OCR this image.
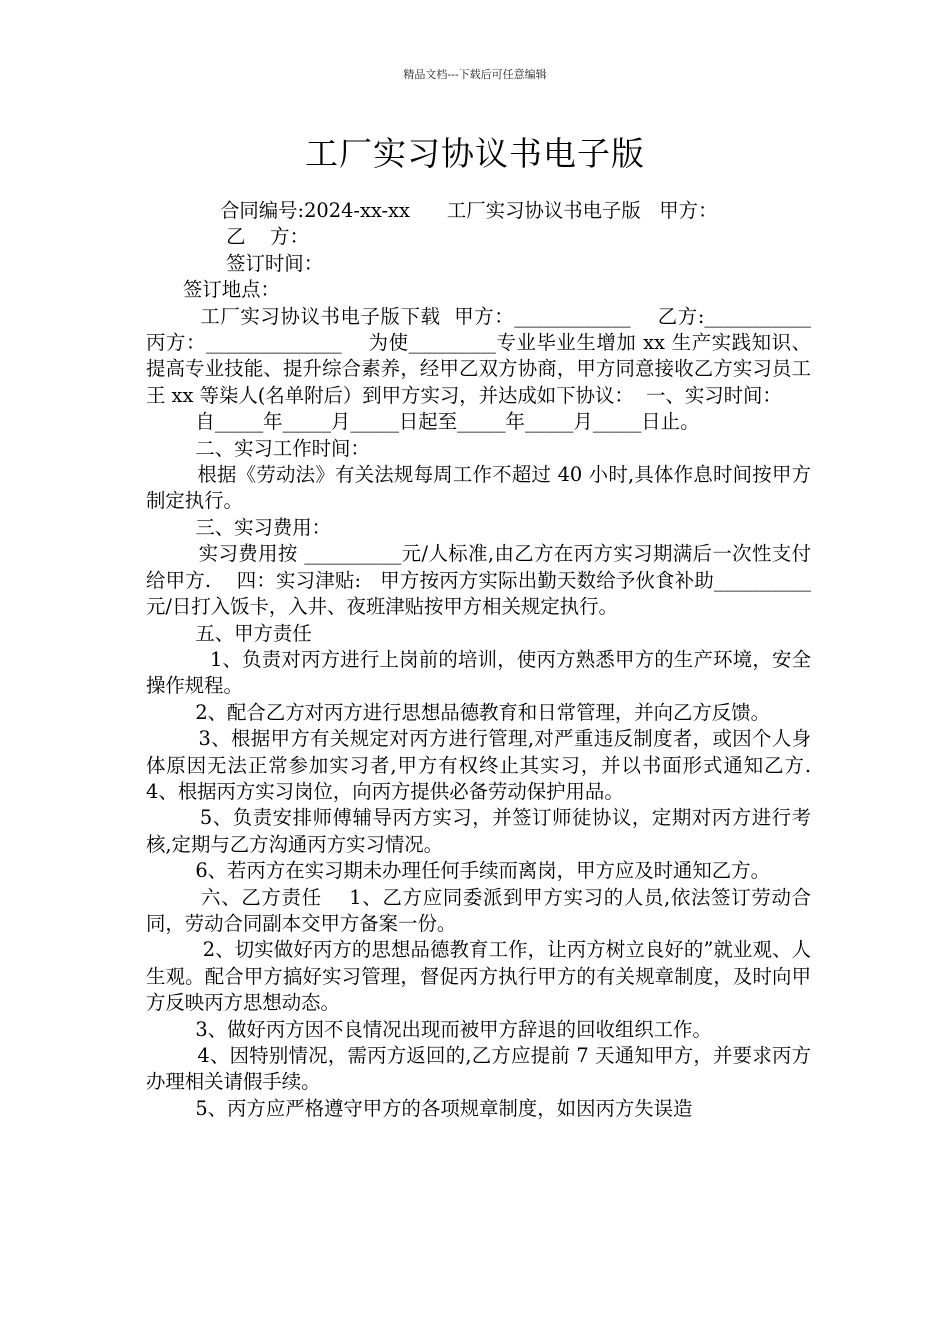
精品文档---下载后可任意编辑
工厂实习协议书电子版

合同编号:2024-xx-xx      工厂实习协议书电子版   甲方：

乙    方：

签订时间：

签订地点：

工厂实习协议书电子版下载  甲方：____________    乙方:___________    丙方：______________    为使_________专业毕业生增加 xx 生产实践知识、提高专业技能、提升综合素养，经甲乙双方协商，甲方同意接收乙方实习员工王 xx 等柒人(名单附后）到甲方实习，并达成如下协议：  一、实习时间：

自_____年_____月_____日起至_____年_____月_____日止。

二、实习工作时间：

根据《劳动法》有关法规每周工作不超过 40 小时,具体作息时间按甲方制定执行。

三、实习费用：

实习费用按 __________元/人标准,由乙方在丙方实习期满后一次性支付给甲方.    四：实习津贴:   甲方按丙方实际出勤天数给予伙食补助__________元/日打入饭卡，入井、夜班津贴按甲方相关规定执行。

五、甲方责任

1、负责对丙方进行上岗前的培训，使丙方熟悉甲方的生产环境，安全操作规程。

2、配合乙方对丙方进行思想品德教育和日常管理，并向乙方反馈。

3、根据甲方有关规定对丙方进行管理,对严重违反制度者，或因个人身体原因无法正常参加实习者,甲方有权终止其实习，并以书面形式通知乙方.    4、根据丙方实习岗位，向丙方提供必备劳动保护用品。

5、负责安排师傅辅导丙方实习，并签订师徒协议，定期对丙方进行考核,定期与乙方沟通丙方实习情况。

6、若丙方在实习期未办理任何手续而离岗，甲方应及时通知乙方。

六、乙方责任    1、乙方应同委派到甲方实习的人员,依法签订劳动合同，劳动合同副本交甲方备案一份。

2、切实做好丙方的思想品德教育工作，让丙方树立良好的”就业观、人生观。配合甲方搞好实习管理，督促丙方执行甲方的有关规章制度，及时向甲方反映丙方思想动态。

3、做好丙方因不良情况出现而被甲方辞退的回收组织工作。

4、因特别情况，需丙方返回的,乙方应提前 7 天通知甲方，并要求丙方办理相关请假手续。

5、丙方应严格遵守甲方的各项规章制度，如因丙方失误造
